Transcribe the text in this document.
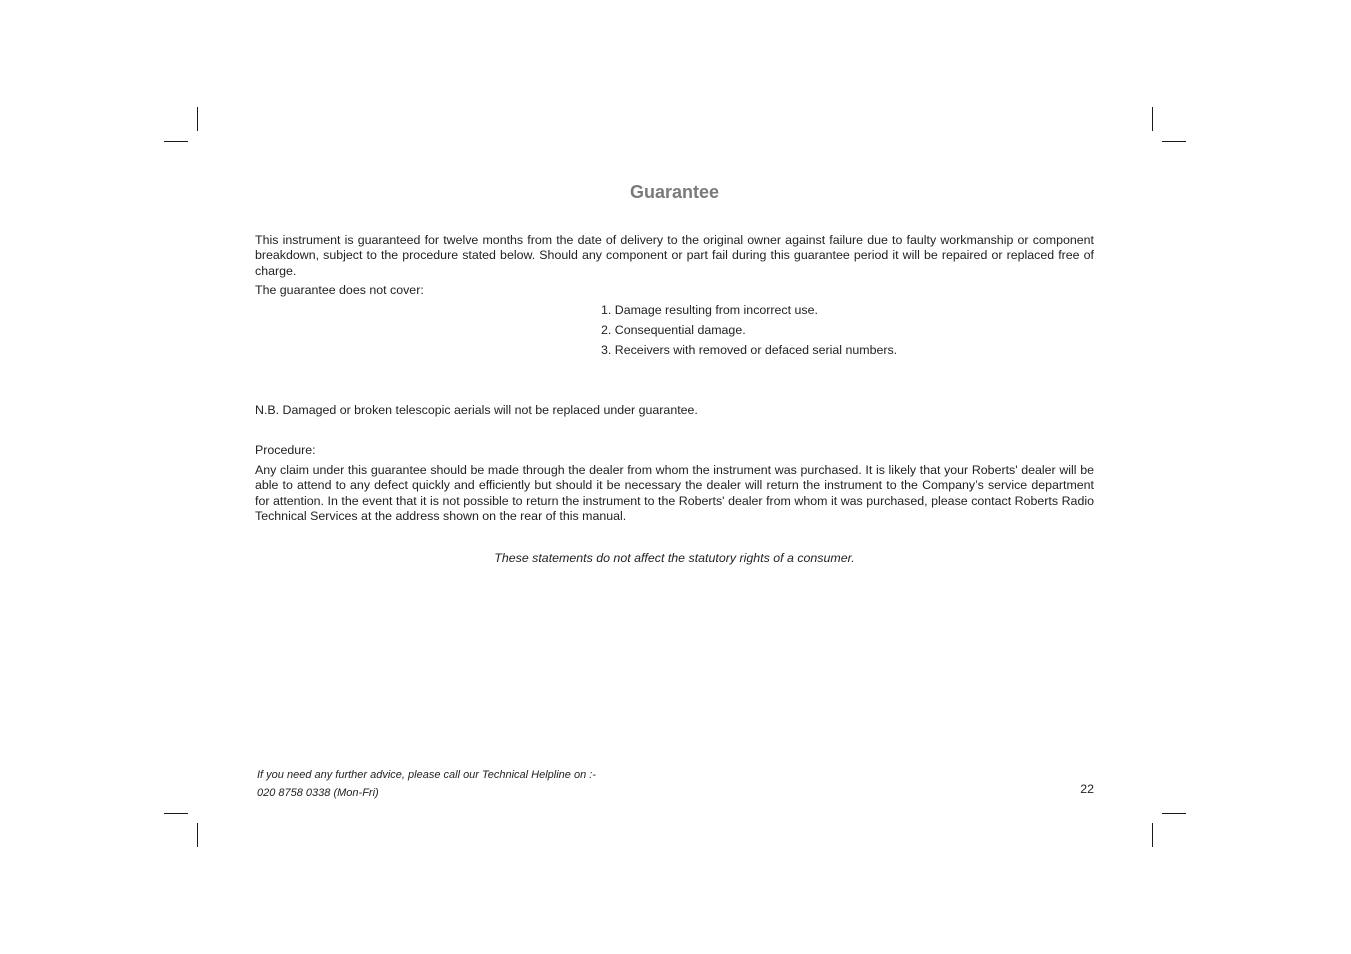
Guarantee

This instrument is guaranteed for twelve months from the date of delivery to the original owner against failure due to faulty workmanship or component breakdown, subject to the procedure stated below. Should any component or part fail during this guarantee period it will be repaired or replaced free of charge.

The guarantee does not cover:

1. Damage resulting from incorrect use.
2. Consequential damage.
3. Receivers with removed or defaced serial numbers.

N.B. Damaged or broken telescopic aerials will not be replaced under guarantee.

Procedure:

Any claim under this guarantee should be made through the dealer from whom the instrument was purchased. It is likely that your Roberts' dealer will be able to attend to any defect quickly and efficiently but should it be necessary the dealer will return the instrument to the Company’s service department for attention. In the event that it is not possible to return the instrument to the Roberts' dealer from whom it was purchased, please contact Roberts Radio Technical Services at the address shown on the rear of this manual.

These statements do not affect the statutory rights of a consumer.

If you need any further advice, please call our Technical Helpline on :-

020 8758 0338 (Mon-Fri)	22
